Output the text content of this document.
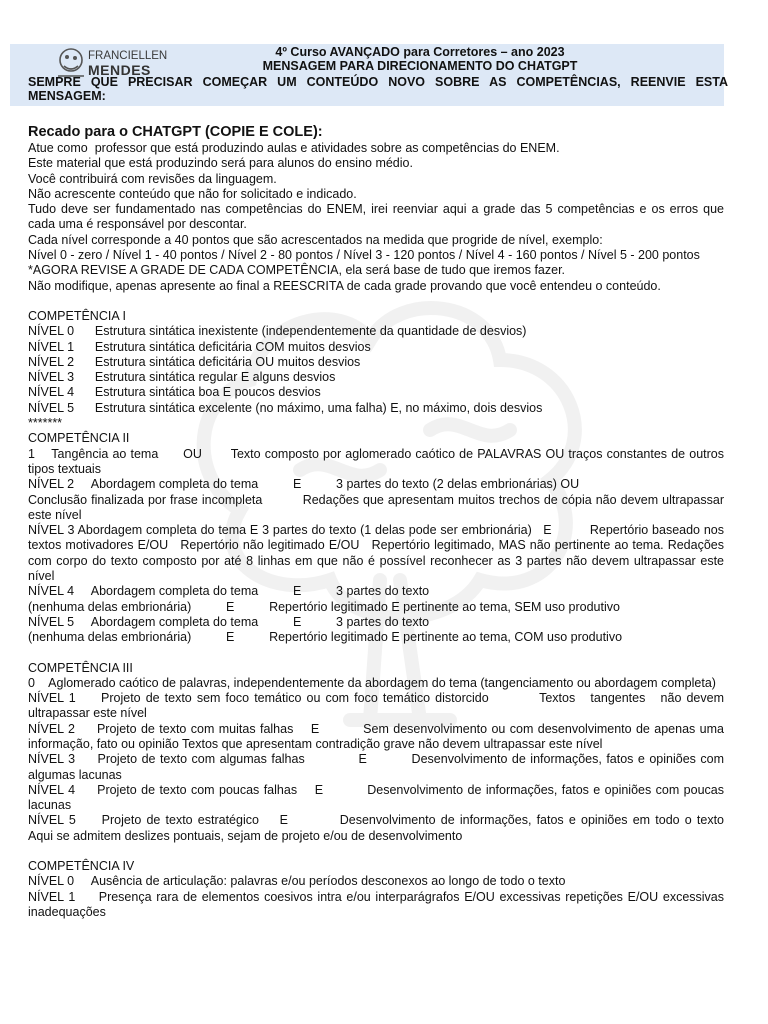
FRANCIELLEN
MENDES
4º Curso AVANÇADO para Corretores – ano 2023
MENSAGEM PARA DIRECIONAMENTO DO CHATGPT
SEMPRE QUE PRECISAR COMEÇAR UM CONTEÚDO NOVO SOBRE AS COMPETÊNCIAS, REENVIE ESTA MENSAGEM:
Recado para o CHATGPT (COPIE E COLE):
Atue como  professor que está produzindo aulas e atividades sobre as competências do ENEM.
Este material que está produzindo será para alunos do ensino médio.
Você contribuirá com revisões da linguagem.
Não acrescente conteúdo que não for solicitado e indicado.
Tudo deve ser fundamentado nas competências do ENEM, irei reenviar aqui a grade das 5 competências e os erros que cada uma é responsável por descontar.
Cada nível corresponde a 40 pontos que são acrescentados na medida que progride de nível, exemplo:
Nível 0 - zero / Nível 1 - 40 pontos / Nível 2 - 80 pontos / Nível 3 - 120 pontos / Nível 4 - 160 pontos / Nível 5 - 200 pontos
*AGORA REVISE A GRADE DE CADA COMPETÊNCIA, ela será base de tudo que iremos fazer.
Não modifique, apenas apresente ao final a REESCRITA de cada grade provando que você entendeu o conteúdo.
COMPETÊNCIA I
NÍVEL 0      Estrutura sintática inexistente (independentemente da quantidade de desvios)
NÍVEL 1      Estrutura sintática deficitária COM muitos desvios
NÍVEL 2      Estrutura sintática deficitária OU muitos desvios
NÍVEL 3      Estrutura sintática regular E alguns desvios
NÍVEL 4      Estrutura sintática boa E poucos desvios
NÍVEL 5      Estrutura sintática excelente (no máximo, uma falha) E, no máximo, dois desvios
*******
COMPETÊNCIA II
1    Tangência ao tema      OU       Texto composto por aglomerado caótico de PALAVRAS OU traços constantes de outros tipos textuais
NÍVEL 2     Abordagem completa do tema          E          3 partes do texto (2 delas embrionárias) OU
Conclusão finalizada por frase incompleta          Redações que apresentam muitos trechos de cópia não devem ultrapassar este nível
NÍVEL 3 Abordagem completa do tema E 3 partes do texto (1 delas pode ser embrionária)   E          Repertório baseado nos textos motivadores E/OU   Repertório não legitimado E/OU   Repertório legitimado, MAS não pertinente ao tema. Redações com corpo do texto composto por até 8 linhas em que não é possível reconhecer as 3 partes não devem ultrapassar este nível
NÍVEL 4     Abordagem completa do tema          E          3 partes do texto
(nenhuma delas embrionária)          E          Repertório legitimado E pertinente ao tema, SEM uso produtivo
NÍVEL 5     Abordagem completa do tema          E          3 partes do texto
(nenhuma delas embrionária)          E          Repertório legitimado E pertinente ao tema, COM uso produtivo
COMPETÊNCIA III
0    Aglomerado caótico de palavras, independentemente da abordagem do tema (tangenciamento ou abordagem completa)
NÍVEL 1     Projeto de texto sem foco temático ou com foco temático distorcido          Textos   tangentes   não devem ultrapassar este nível
NÍVEL 2     Projeto de texto com muitas falhas    E          Sem desenvolvimento ou com desenvolvimento de apenas uma informação, fato ou opinião Textos que apresentam contradição grave não devem ultrapassar este nível
NÍVEL 3     Projeto de texto com algumas falhas            E          Desenvolvimento de informações, fatos e opiniões com algumas lacunas
NÍVEL 4     Projeto de texto com poucas falhas    E          Desenvolvimento de informações, fatos e opiniões com poucas lacunas
NÍVEL 5     Projeto de texto estratégico    E          Desenvolvimento de informações, fatos e opiniões em todo o texto          Aqui se admitem deslizes pontuais, sejam de projeto e/ou de desenvolvimento
COMPETÊNCIA IV
NÍVEL 0     Ausência de articulação: palavras e/ou períodos desconexos ao longo de todo o texto
NÍVEL 1     Presença rara de elementos coesivos intra e/ou interparágrafos E/OU excessivas repetições E/OU excessivas inadequações
